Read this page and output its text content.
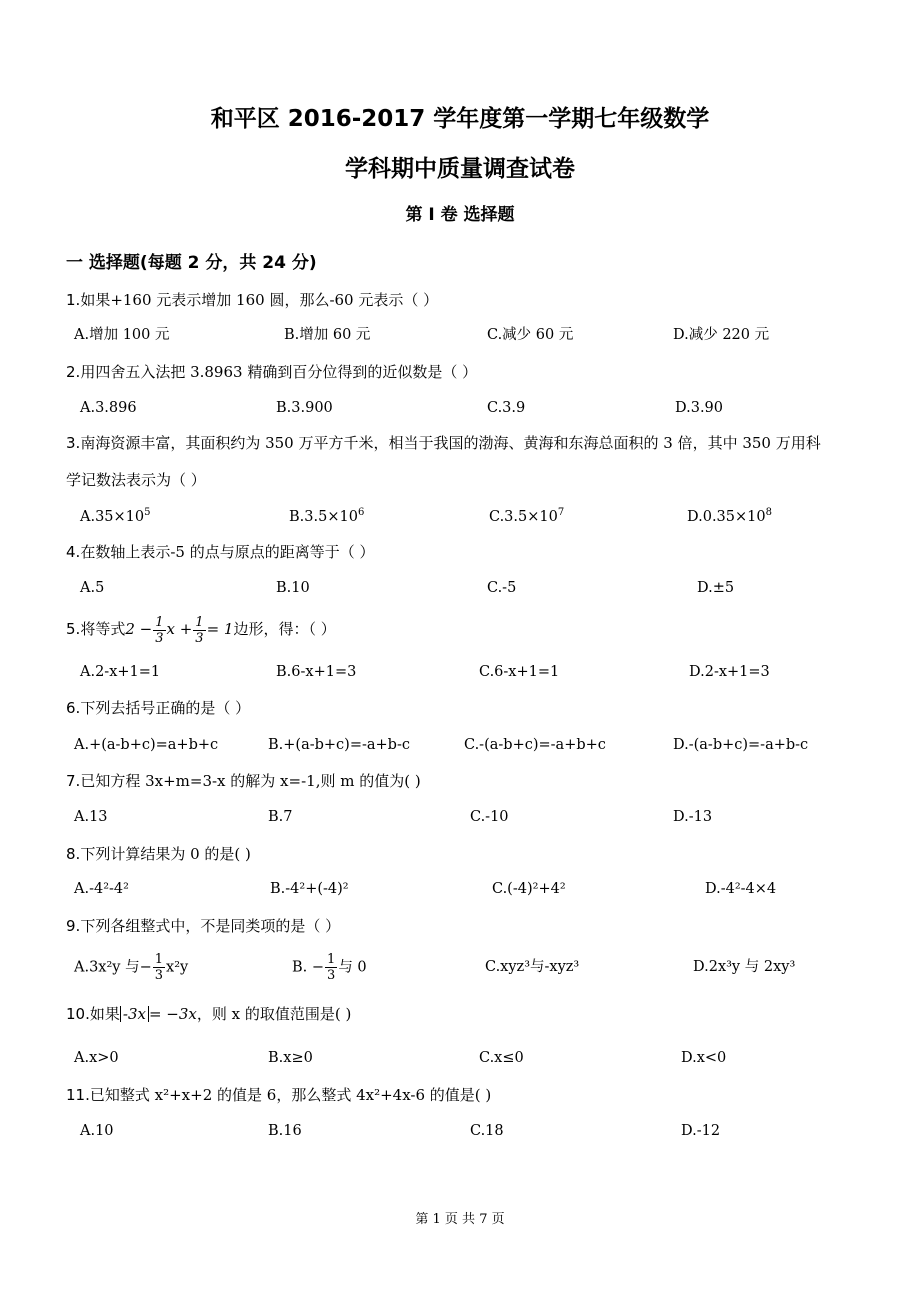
和平区 2016-2017 学年度第一学期七年级数学
学科期中质量调查试卷
第 I 卷 选择题
一 选择题(每题 2 分，共 24 分)
1.如果+160 元表示增加 160 圆，那么-60 元表示（ ）
A.增加 100 元	B.增加 60 元	C.减少 60 元	D.减少 220 元
2.用四舍五入法把 3.8963 精确到百分位得到的近似数是（ ）
A.3.896	B.3.900	C.3.9	D.3.90
3.南海资源丰富，其面积约为 350 万平方千米，相当于我国的渤海、黄海和东海总面积的 3 倍，其中 350 万用科
学记数法表示为（ ）
$A.35\times 10^5$	$B.3.5\times 10^6$	$C.3.5\times 10^7$	$D.0.35\times 10^8$
4.在数轴上表示-5 的点与原点的距离等于（ ）
A.5	B.10	C.-5	D.±5
5.将等式$2 - \frac{1}{3}$ $x + \frac{1}{3} = 1$边形，得：（ ）
A.2-x+1=1	B.6-x+1=3	C.6-x+1=1	D.2-x+1=3
6.下列去括号正确的是（ ）
A.+(a-b+c)=a+b+c	B.+(a-b+c)=-a+b-c	C.-(a-b+c)=-a+b+c	D.-(a-b+c)=-a+b-c
7.已知方程 3x+m=3-x 的解为 x=-1,则 m 的值为( )
A.13	B.7	C.-10	D.-13
8.下列计算结果为 0 的是( )
A.-4²-4²	B.-4²+(-4)²	C.(-4)²+4²	D.-4²-4×4
9.下列各组整式中，不是同类项的是（ ）
A.3x²y 与− $\frac{1}{3} x^2y$	B. − $\frac{1}{3}$ 与 0	C.xyz³与-xyz³	D.2x³y 与 2xy³
10.如果 -3x = −3x，则 x 的取值范围是( )
A.x>0	B.x≥0	C.x≤0	D.x<0
11.已知整式 x²+x+2 的值是 6，那么整式 4x²+4x-6 的值是( )
A.10	B.16	C.18	D.-12
第 1 页 共 7 页
